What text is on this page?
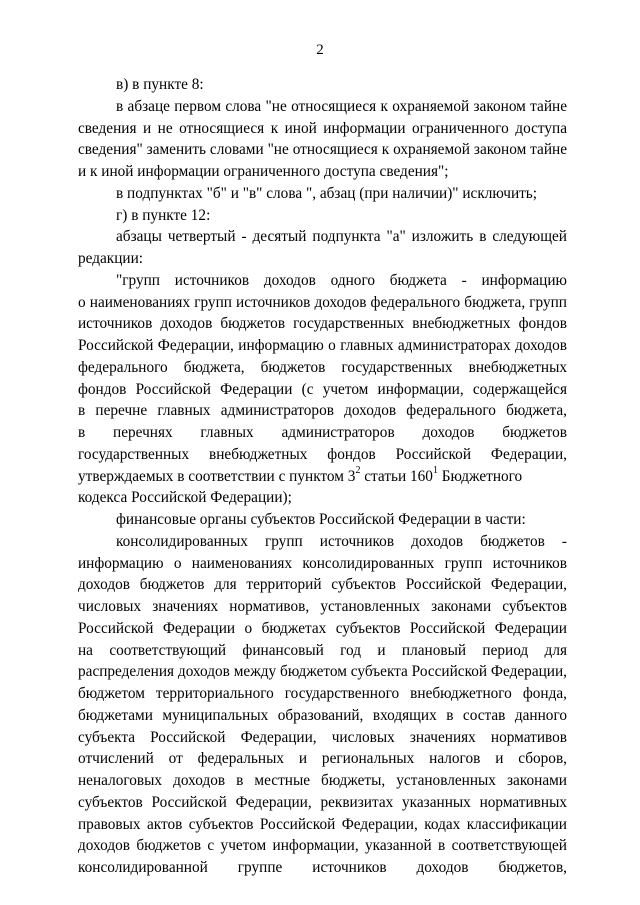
2
в) в пункте 8:
в абзаце первом слова "не относящиеся к охраняемой законом тайне
сведения и не относящиеся к иной информации ограниченного доступа
сведения" заменить словами "не относящиеся к охраняемой законом тайне
и к иной информации ограниченного доступа сведения";
в подпунктах "б" и "в" слова ", абзац (при наличии)" исключить;
г) в пункте 12:
абзацы четвертый - десятый подпункта "а" изложить в следующей
редакции:
"групп источников доходов одного бюджета - информацию
о наименованиях групп источников доходов федерального бюджета, групп
источников доходов бюджетов государственных внебюджетных фондов
Российской Федерации, информацию о главных администраторах доходов
федерального бюджета, бюджетов государственных внебюджетных
фондов Российской Федерации (с учетом информации, содержащейся
в перечне главных администраторов доходов федерального бюджета,
в перечнях главных администраторов доходов бюджетов
государственных внебюджетных фондов Российской Федерации,
утверждаемых в соответствии с пунктом $3^2$ статьи $160^1$ Бюджетного
кодекса Российской Федерации);
финансовые органы субъектов Российской Федерации в части:
консолидированных групп источников доходов бюджетов -
информацию о наименованиях консолидированных групп источников
доходов бюджетов для территорий субъектов Российской Федерации,
числовых значениях нормативов, установленных законами субъектов
Российской Федерации о бюджетах субъектов Российской Федерации
на соответствующий финансовый год и плановый период для
распределения доходов между бюджетом субъекта Российской Федерации,
бюджетом территориального государственного внебюджетного фонда,
бюджетами муниципальных образований, входящих в состав данного
субъекта Российской Федерации, числовых значениях нормативов
отчислений от федеральных и региональных налогов и сборов,
неналоговых доходов в местные бюджеты, установленных законами
субъектов Российской Федерации, реквизитах указанных нормативных
правовых актов субъектов Российской Федерации, кодах классификации
доходов бюджетов с учетом информации, указанной в соответствующей
консолидированной группе источников доходов бюджетов,
